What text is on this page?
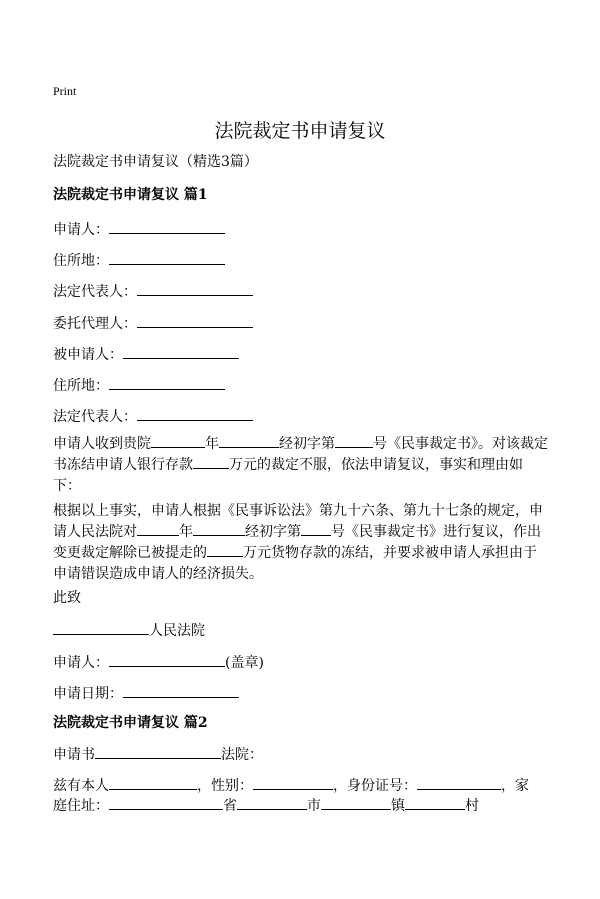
Print
法院裁定书申请复议
法院裁定书申请复议（精选3篇）
法院裁定书申请复议 篇1
申请人：
住所地：
法定代表人：
委托代理人：
被申请人：
住所地：
法定代表人：
申请人收到贵院	年	经初字第	号《民事裁定书》。对该裁定书冻结申请人银行存款	万元的裁定不服，依法申请复议，事实和理由如下：
根据以上事实，申请人根据《民事诉讼法》第九十六条、第九十七条的规定，申请人民法院对	年	经初字第 号《民事裁定书》进行复议，作出变更裁定解除已被提走的	万元货物存款的冻结，并要求被申请人承担由于申请错误造成申请人的经济损失。
此致
人民法院
申请人：	(盖章)
申请日期：
法院裁定书申请复议 篇2
申请书	法院：
兹有本人	，性别：	，身份证号：	，家
庭住址：	省	市	镇	村
